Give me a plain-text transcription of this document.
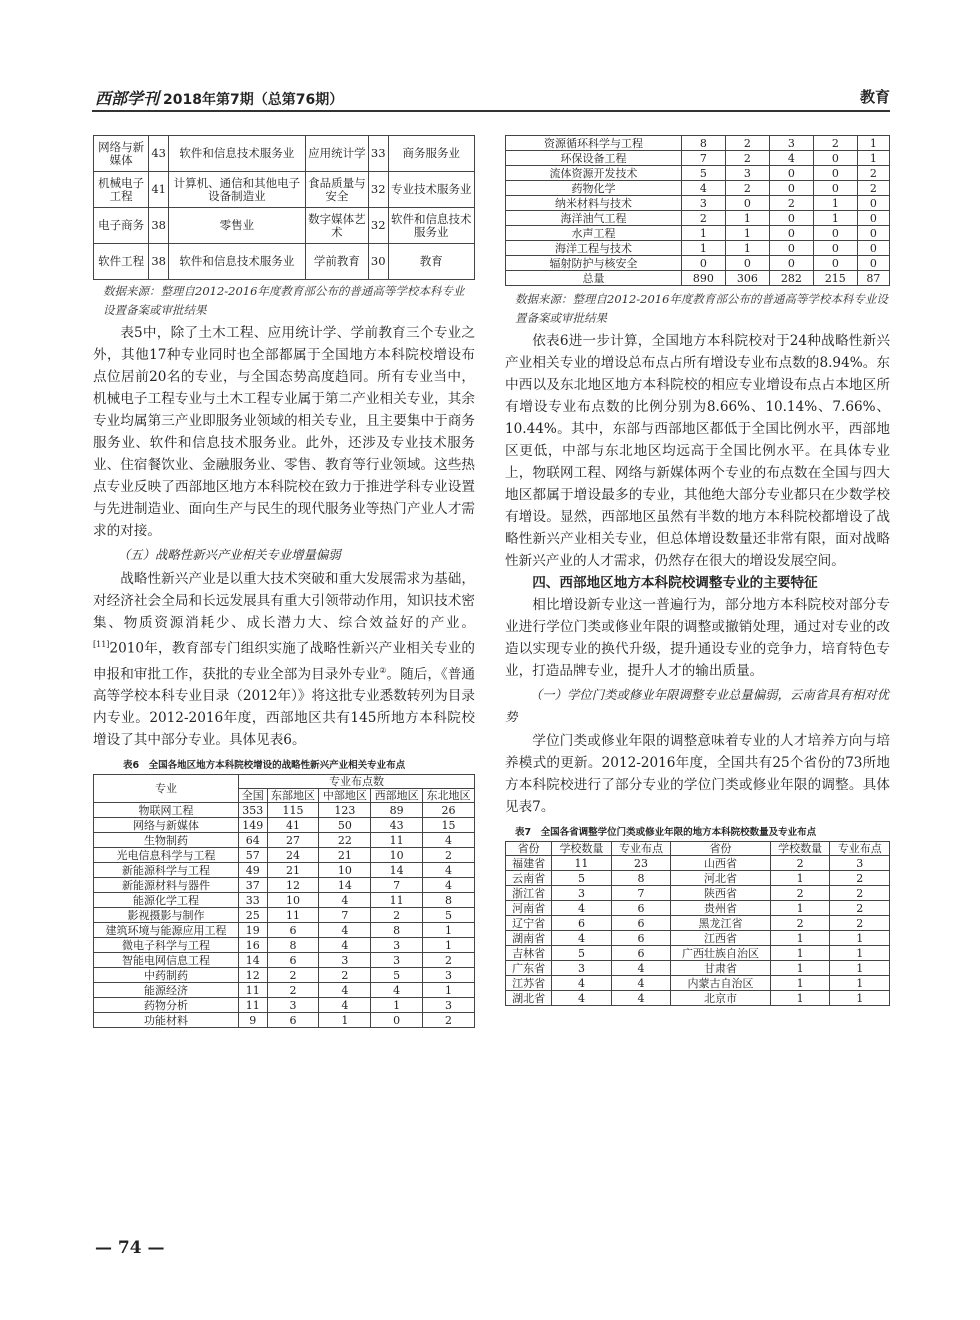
西部学刊 2018年第7期（总第76期）	教育
网络与新媒体	43	软件和信息技术服务业	应用统计学	33	商务服务业
机械电子工程	41	计算机、通信和其他电子设备制造业	食品质量与安全	32	专业技术服务业
电子商务	38	零售业	数字媒体艺术	32	软件和信息技术服务业
软件工程	38	软件和信息技术服务业	学前教育	30	教育
数据来源：整理自2012-2016年度教育部公布的普通高等学校本科专业设置备案或审批结果

表5中，除了土木工程、应用统计学、学前教育三个专业之外，其他17种专业同时也全部都属于全国地方本科院校增设布点位居前20名的专业，与全国态势高度趋同。所有专业当中，机械电子工程专业与土木工程专业属于第二产业相关专业，其余专业均属第三产业即服务业领域的相关专业，且主要集中于商务服务业、软件和信息技术服务业。此外，还涉及专业技术服务业、住宿餐饮业、金融服务业、零售、教育等行业领域。这些热点专业反映了西部地区地方本科院校在致力于推进学科专业设置与先进制造业、面向生产与民生的现代服务业等热门产业人才需求的对接。

（五）战略性新兴产业相关专业增量偏弱

战略性新兴产业是以重大技术突破和重大发展需求为基础，对经济社会全局和长远发展具有重大引领带动作用，知识技术密集、物质资源消耗少、成长潜力大、综合效益好的产业。[11]2010年，教育部专门组织实施了战略性新兴产业相关专业的申报和审批工作，获批的专业全部为目录外专业②。随后，《普通高等学校本科专业目录（2012年）》将这批专业悉数转列为目录内专业。2012-2016年度，西部地区共有145所地方本科院校增设了其中部分专业。具体见表6。

表6　全国各地区地方本科院校增设的战略性新兴产业相关专业布点
专业	专业布点数				
	全国	东部地区	中部地区	西部地区	东北地区
物联网工程	353	115	123	89	26
网络与新媒体	149	41	50	43	15
生物制药	64	27	22	11	4
光电信息科学与工程	57	24	21	10	2
新能源科学与工程	49	21	10	14	4
新能源材料与器件	37	12	14	7	4
能源化学工程	33	10	4	11	8
影视摄影与制作	25	11	7	2	5
建筑环境与能源应用工程	19	6	4	8	1
微电子科学与工程	16	8	4	3	1
智能电网信息工程	14	6	3	3	2
中药制药	12	2	2	5	3
能源经济	11	2	4	4	1
药物分析	11	3	4	1	3
功能材料	9	6	1	0	2
资源循环科学与工程	8	2	3	2	1
环保设备工程	7	2	4	0	1
流体资源开发技术	5	3	0	0	2
药物化学	4	2	0	0	2
纳米材料与技术	3	0	2	1	0
海洋油气工程	2	1	0	1	0
水声工程	1	1	0	0	0
海洋工程与技术	1	1	0	0	0
辐射防护与核安全	0	0	0	0	0
总量	890	306	282	215	87
数据来源：整理自2012-2016年度教育部公布的普通高等学校本科专业设置备案或审批结果

依表6进一步计算，全国地方本科院校对于24种战略性新兴产业相关专业的增设总布点占所有增设专业布点数的8.94%。东中西以及东北地区地方本科院校的相应专业增设布点占本地区所有增设专业布点数的比例分别为8.66%、10.14%、7.66%、10.44%。其中，东部与西部地区都低于全国比例水平，西部地区更低，中部与东北地区均远高于全国比例水平。在具体专业上，物联网工程、网络与新媒体两个专业的布点数在全国与四大地区都属于增设最多的专业，其他绝大部分专业都只在少数学校有增设。显然，西部地区虽然有半数的地方本科院校都增设了战略性新兴产业相关专业，但总体增设数量还非常有限，面对战略性新兴产业的人才需求，仍然存在很大的增设发展空间。

四、西部地区地方本科院校调整专业的主要特征

相比增设新专业这一普遍行为，部分地方本科院校对部分专业进行学位门类或修业年限的调整或撤销处理，通过对专业的改造以实现专业的换代升级，提升通设专业的竞争力，培育特色专业，打造品牌专业，提升人才的输出质量。

（一）学位门类或修业年限调整专业总量偏弱，云南省具有相对优势

学位门类或修业年限的调整意味着专业的人才培养方向与培养模式的更新。2012-2016年度，全国共有25个省份的73所地方本科院校进行了部分专业的学位门类或修业年限的调整。具体见表7。

表7　全国各省调整学位门类或修业年限的地方本科院校数量及专业布点
省份	学校数量	专业布点	省份	学校数量	专业布点
福建省	11	23	山西省	2	3
云南省	5	8	河北省	1	2
浙江省	3	7	陕西省	2	2
河南省	4	6	贵州省	1	2
辽宁省	6	6	黑龙江省	2	2
湖南省	4	6	江西省	1	1
吉林省	5	6	广西壮族自治区	1	1
广东省	3	4	甘肃省	1	1
江苏省	4	4	内蒙古自治区	1	1
湖北省	4	4	北京市	1	1
— 74 —
